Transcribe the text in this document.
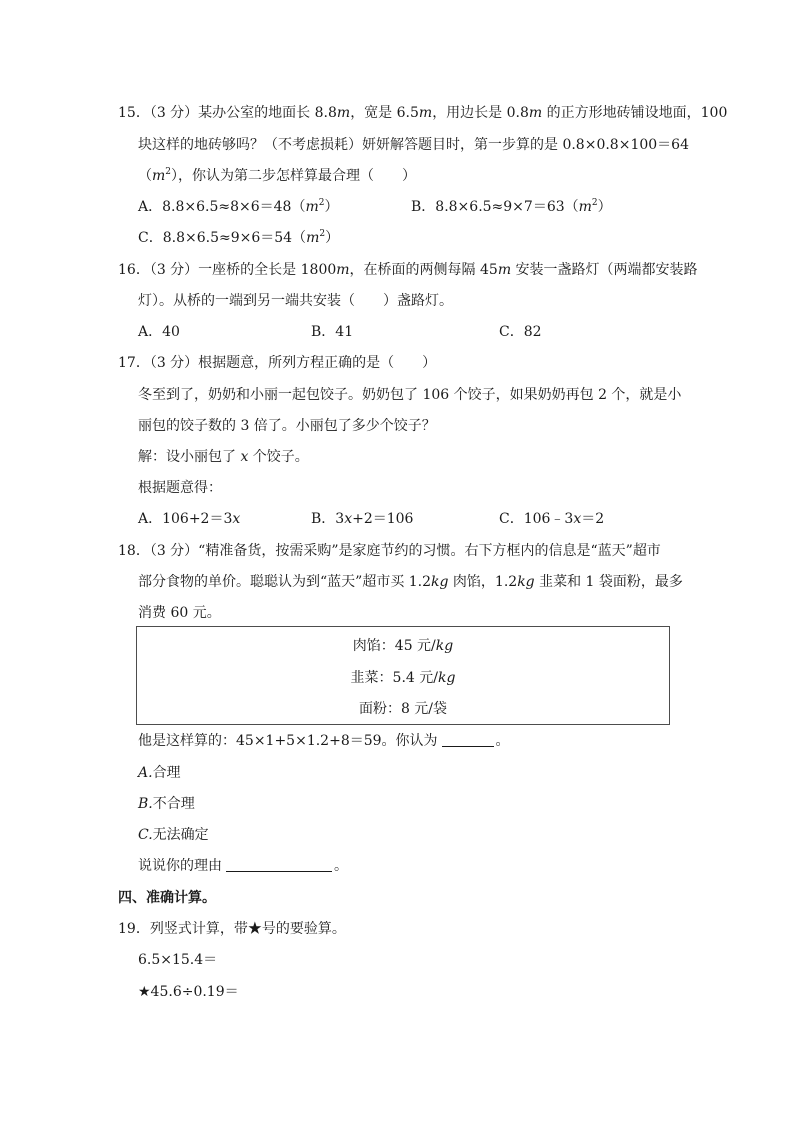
15．（3 分）某办公室的地面长 8.8m，宽是 6.5m，用边长是 0.8m 的正方形地砖铺设地面，100
块这样的地砖够吗？（不考虑损耗）妍妍解答题目时，第一步算的是 0.8×0.8×100＝64
$(m^2)$，你认为第二步怎样算最合理（　　）
A．$8.8\times 6.5\approx 8\times 6=48(m^2)$	B．$8.8\times 6.5\approx 9\times 7=63(m^2)$
C．$8.8\times 6.5\approx 9\times 6=54(m^2)$
16．（3 分）一座桥的全长是 1800m，在桥面的两侧每隔 45m 安装一盏路灯（两端都安装路
灯）。从桥的一端到另一端共安装（　　）盏路灯。
A．40	B．41	C．82
17．（3 分）根据题意，所列方程正确的是（　　）
冬至到了，奶奶和小丽一起包饺子。奶奶包了 106 个饺子，如果奶奶再包 2 个，就是小
丽包的饺子数的 3 倍了。小丽包了多少个饺子？
解：设小丽包了 x 个饺子。
根据题意得：
A．106+2＝3x	B．3x+2＝106	C．106﹣3x＝2
18．（3 分）“精准备货，按需采购”是家庭节约的习惯。右下方框内的信息是“蓝天”超市
部分食物的单价。聪聪认为到“蓝天”超市买 1.2kg 肉馅，1.2kg 韭菜和 1 袋面粉，最多
消费 60 元。
肉馅：45 元/kg
韭菜：5.4 元/kg
面粉：8 元/袋
他是这样算的：45×1+5×1.2+8＝59。你认为	。
A.合理
B.不合理
C.无法确定
说说你的理由	。
四、准确计算。
19．列竖式计算，带★号的要验算。
6.5×15.4＝
★45.6÷0.19＝
